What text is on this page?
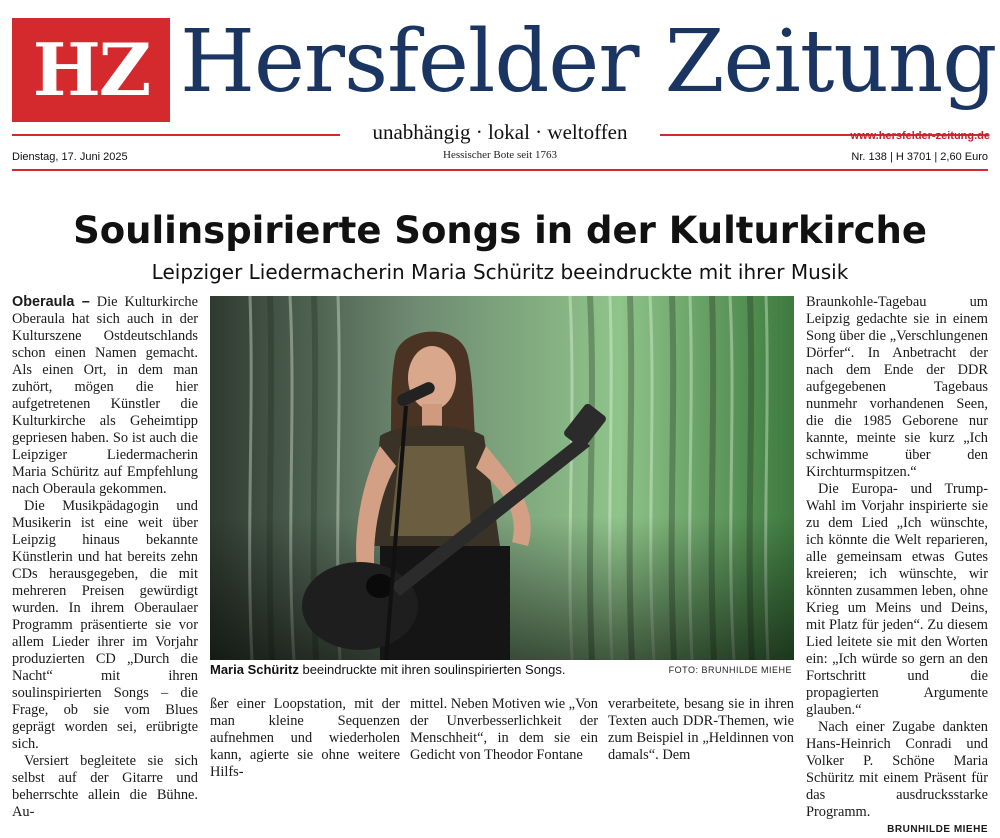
HZ Hersfelder Zeitung
unabhängig · lokal · weltoffen	www.hersfelder-zeitung.de
Dienstag, 17. Juni 2025	Hessischer Bote seit 1763	Nr. 138 | H 3701 | 2,60 Euro
Soulinspirierte Songs in der Kulturkirche
Leipziger Liedermacherin Maria Schüritz beeindruckte mit ihrer Musik

Oberaula – Die Kulturkirche Oberaula hat sich auch in der Kulturszene Ostdeutschlands schon einen Namen gemacht. Als einen Ort, in dem man zuhört, mögen die hier aufgetretenen Künstler die Kulturkirche als Geheimtipp gepriesen haben. So ist auch die Leipziger Liedermacherin Maria Schüritz auf Empfehlung nach Oberaula gekommen.

Die Musikpädagogin und Musikerin ist eine weit über Leipzig hinaus bekannte Künstlerin und hat bereits zehn CDs herausgegeben, die mit mehreren Preisen gewürdigt wurden. In ihrem Oberaulaer Programm präsentierte sie vor allem Lieder ihrer im Vorjahr produzierten CD „Durch die Nacht“ mit ihren soulinspirierten Songs – die Frage, ob sie vom Blues geprägt worden sei, erübrigte sich.

Versiert begleitete sie sich selbst auf der Gitarre und beherrschte allein die Bühne. Au-

Maria Schüritz beeindruckte mit ihren soulinspirierten Songs.	FOTO: BRUNHILDE MIEHE

ßer einer Loopstation, mit der man kleine Sequenzen aufnehmen und wiederholen kann, agierte sie ohne weitere Hilfs-

mittel. Neben Motiven wie „Von der Unverbesserlichkeit der Menschheit“, in dem sie ein Gedicht von Theodor Fontane

verarbeitete, besang sie in ihren Texten auch DDR-Themen, wie zum Beispiel in „Heldinnen von damals“. Dem

Braunkohle-Tagebau um Leipzig gedachte sie in einem Song über die „Verschlungenen Dörfer“. In Anbetracht der nach dem Ende der DDR aufgegebenen Tagebaus nunmehr vorhandenen Seen, die die 1985 Geborene nur kannte, meinte sie kurz „Ich schwimme über den Kirchturmspitzen.“

Die Europa- und Trump-Wahl im Vorjahr inspirierte sie zu dem Lied „Ich wünschte, ich könnte die Welt reparieren, alle gemeinsam etwas Gutes kreieren; ich wünschte, wir könnten zusammen leben, ohne Krieg um Meins und Deins, mit Platz für jeden“. Zu diesem Lied leitete sie mit den Worten ein: „Ich würde so gern an den Fortschritt und die propagierten Argumente glauben.“

Nach einer Zugabe dankten Hans-Heinrich Conradi und Volker P. Schöne Maria Schüritz mit einem Präsent für das ausdrucksstarke Programm.

BRUNHILDE MIEHE
